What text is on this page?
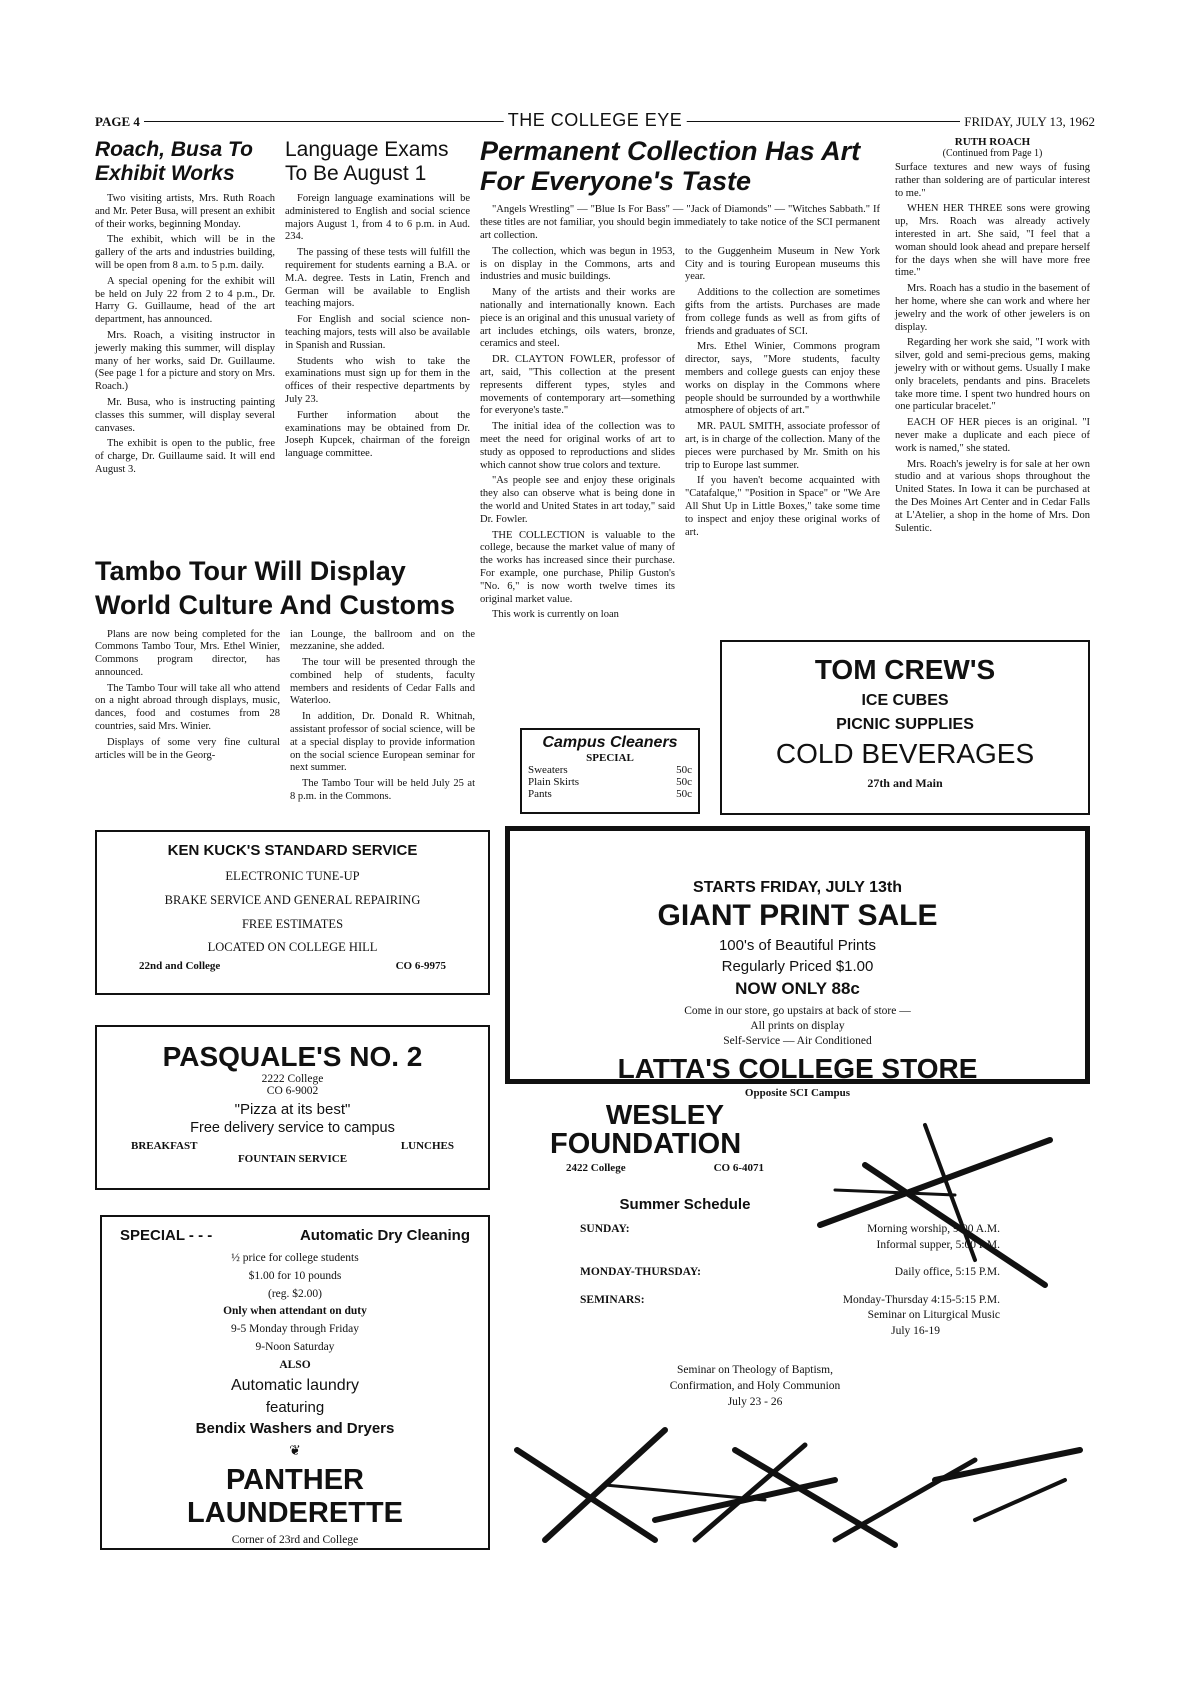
PAGE 4	THE COLLEGE EYE	FRIDAY, JULY 13, 1962
Roach, Busa To Exhibit Works

Two visiting artists, Mrs. Ruth Roach and Mr. Peter Busa, will present an exhibit of their works, beginning Monday.

The exhibit, which will be in the gallery of the arts and industries building, will be open from 8 a.m. to 5 p.m. daily.

A special opening for the exhibit will be held on July 22 from 2 to 4 p.m., Dr. Harry G. Guillaume, head of the art department, has announced.

Mrs. Roach, a visiting instructor in jewerly making this summer, will display many of her works, said Dr. Guillaume. (See page 1 for a picture and story on Mrs. Roach.)

Mr. Busa, who is instructing painting classes this summer, will display several canvases.

The exhibit is open to the public, free of charge, Dr. Guillaume said. It will end August 3.

Language Exams To Be August 1

Foreign language examinations will be administered to English and social science majors August 1, from 4 to 6 p.m. in Aud. 234.

The passing of these tests will fulfill the requirement for students earning a B.A. or M.A. degree. Tests in Latin, French and German will be available to English teaching majors.

For English and social science non-teaching majors, tests will also be available in Spanish and Russian.

Students who wish to take the examinations must sign up for them in the offices of their respective departments by July 23.

Further information about the examinations may be obtained from Dr. Joseph Kupcek, chairman of the foreign language committee.

Permanent Collection Has Art For Everyone's Taste

"Angels Wrestling" — "Blue Is For Bass" — "Jack of Diamonds" — "Witches Sabbath." If these titles are not familiar, you should begin immediately to take notice of the SCI permanent art collection.

The collection, which was begun in 1953, is on display in the Commons, arts and industries and music buildings.

Many of the artists and their works are nationally and internationally known. Each piece is an original and this unusual variety of art includes etchings, oils waters, bronze, ceramics and steel.

DR. CLAYTON FOWLER, professor of art, said, "This collection at the present represents different types, styles and movements of contemporary art—something for everyone's taste."

The initial idea of the collection was to meet the need for original works of art to study as opposed to reproductions and slides which cannot show true colors and texture.

"As people see and enjoy these originals they also can observe what is being done in the world and United States in art today," said Dr. Fowler.

THE COLLECTION is valuable to the college, because the market value of many of the works has increased since their purchase. For example, one purchase, Philip Guston's "No. 6," is now worth twelve times its original market value.

This work is currently on loan

to the Guggenheim Museum in New York City and is touring European museums this year.

Additions to the collection are sometimes gifts from the artists. Purchases are made from college funds as well as from gifts of friends and graduates of SCI.

Mrs. Ethel Winier, Commons program director, says, "More students, faculty members and college guests can enjoy these works on display in the Commons where people should be surrounded by a worthwhile atmosphere of objects of art."

MR. PAUL SMITH, associate professor of art, is in charge of the collection. Many of the pieces were purchased by Mr. Smith on his trip to Europe last summer.

If you haven't become acquainted with "Catafalque," "Position in Space" or "We Are All Shut Up in Little Boxes," take some time to inspect and enjoy these original works of art.

RUTH ROACH
(Continued from Page 1)

Surface textures and new ways of fusing rather than soldering are of particular interest to me."

WHEN HER THREE sons were growing up, Mrs. Roach was already actively interested in art. She said, "I feel that a woman should look ahead and prepare herself for the days when she will have more free time."

Mrs. Roach has a studio in the basement of her home, where she can work and where her jewelry and the work of other jewelers is on display.

Regarding her work she said, "I work with silver, gold and semi-precious gems, making jewelry with or without gems. Usually I make only bracelets, pendants and pins. Bracelets take more time. I spent two hundred hours on one particular bracelet."

EACH OF HER pieces is an original. "I never make a duplicate and each piece of work is named," she stated.

Mrs. Roach's jewelry is for sale at her own studio and at various shops throughout the United States. In Iowa it can be purchased at the Des Moines Art Center and in Cedar Falls at L'Atelier, a shop in the home of Mrs. Don Sulentic.

Tambo Tour Will Display World Culture And Customs

Plans are now being completed for the Commons Tambo Tour, Mrs. Ethel Winier, Commons program director, has announced.

The Tambo Tour will take all who attend on a night abroad through displays, music, dances, food and costumes from 28 countries, said Mrs. Winier.

Displays of some very fine cultural articles will be in the Georg-

ian Lounge, the ballroom and on the mezzanine, she added.

The tour will be presented through the combined help of students, faculty members and residents of Cedar Falls and Waterloo.

In addition, Dr. Donald R. Whitnah, assistant professor of social science, will be at a special display to provide information on the social science European seminar for next summer.

The Tambo Tour will be held July 25 at 8 p.m. in the Commons.

Campus Cleaners
SPECIAL
Sweaters	50c
Plain Skirts	50c
Pants	50c
TOM CREW'S
ICE CUBES
PICNIC SUPPLIES
COLD BEVERAGES
27th and Main
KEN KUCK'S STANDARD SERVICE
ELECTRONIC TUNE-UP
BRAKE SERVICE AND GENERAL REPAIRING
FREE ESTIMATES
LOCATED ON COLLEGE HILL
22nd and College	CO 6-9975
STARTS FRIDAY, JULY 13th
GIANT PRINT SALE
100's of Beautiful Prints
Regularly Priced $1.00
NOW ONLY 88c
Come in our store, go upstairs at back of store —
All prints on display
Self-Service — Air Conditioned
LATTA'S COLLEGE STORE
Opposite SCI Campus
PASQUALE'S NO. 2
2222 College
CO 6-9002
"Pizza at its best"
Free delivery service to campus
BREAKFAST	LUNCHES
FOUNTAIN SERVICE
SPECIAL - - -	Automatic Dry Cleaning
½ price for college students
$1.00 for 10 pounds
(reg. $2.00)
Only when attendant on duty
9-5 Monday through Friday
9-Noon Saturday
ALSO
Automatic laundry
featuring
Bendix Washers and Dryers
❦
PANTHER LAUNDERETTE
Corner of 23rd and College
WESLEY
FOUNDATION
2422 College	CO 6-4071
Summer Schedule
SUNDAY:	Morning worship, 9:00 A.M.
Informal supper, 5:00 P.M.
MONDAY-THURSDAY:	Daily office, 5:15 P.M.
SEMINARS:	Monday-Thursday 4:15-5:15 P.M.
Seminar on Liturgical Music
July 16-19
Seminar on Theology of Baptism,
Confirmation, and Holy Communion
July 23 - 26
